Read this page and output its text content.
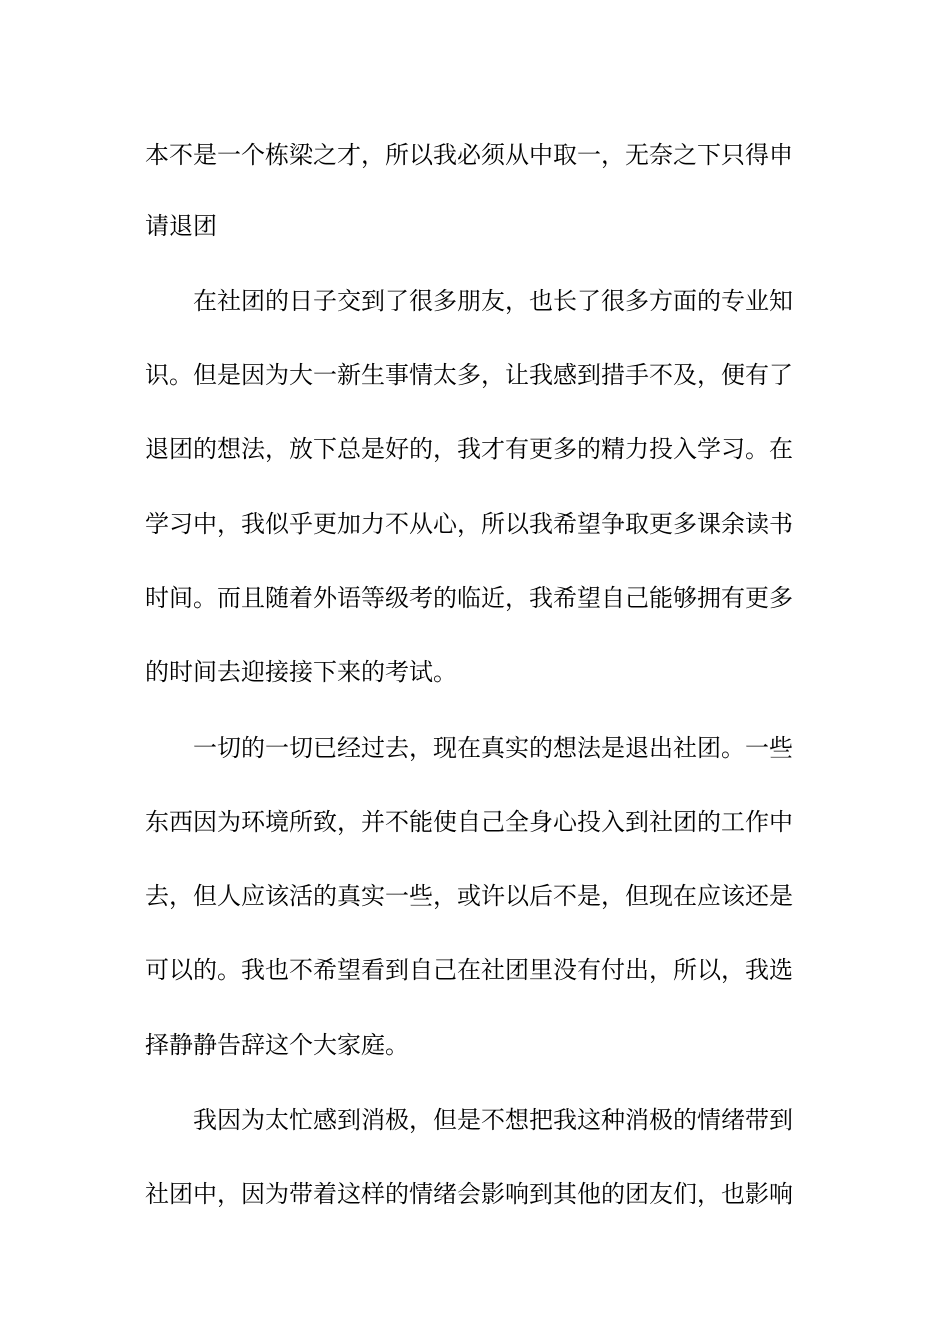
本不是一个栋梁之才，所以我必须从中取一，无奈之下只得申
请退团
在社团的日子交到了很多朋友，也长了很多方面的专业知
识。但是因为大一新生事情太多，让我感到措手不及，便有了
退团的想法，放下总是好的，我才有更多的精力投入学习。在
学习中，我似乎更加力不从心，所以我希望争取更多课余读书
时间。而且随着外语等级考的临近，我希望自己能够拥有更多
的时间去迎接接下来的考试。
一切的一切已经过去，现在真实的想法是退出社团。一些
东西因为环境所致，并不能使自己全身心投入到社团的工作中
去，但人应该活的真实一些，或许以后不是，但现在应该还是
可以的。我也不希望看到自己在社团里没有付出，所以，我选
择静静告辞这个大家庭。
我因为太忙感到消极，但是不想把我这种消极的情绪带到
社团中，因为带着这样的情绪会影响到其他的团友们，也影响
